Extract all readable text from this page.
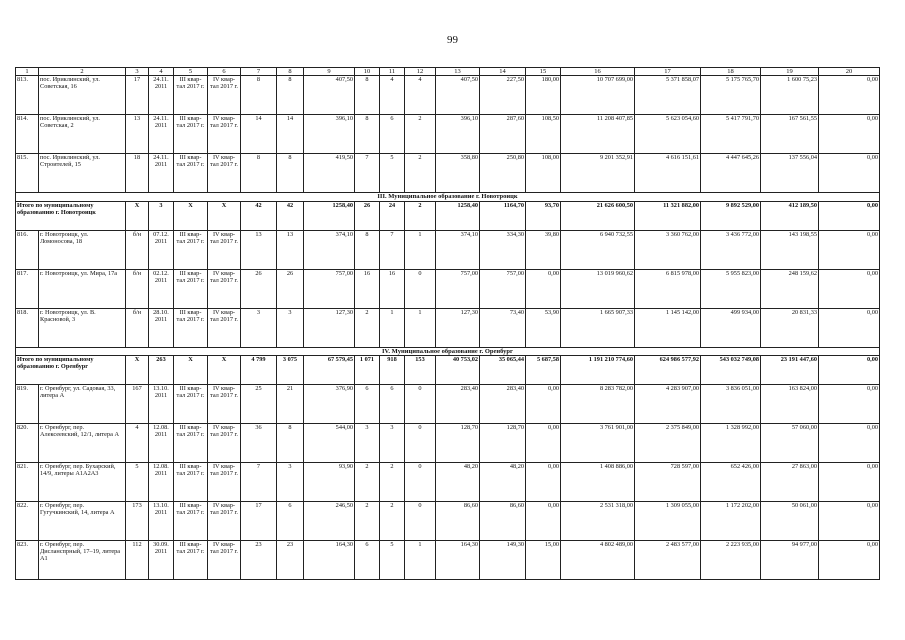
99
1	2	3	4	5	6	7	8	9	10	11	12	13	14	15	16	17	18	19	20
813.	пос. Ириклинский, ул. Советская, 16	17	24.11. 2011	III квар- тал 2017 г.	IV квар- тал 2017 г.	8	8	407,50	8	4	4	407,50	227,50	180,00	10 707 699,00	5 371 858,07	5 175 765,70	1 600 75,23	0,00
814.	пос. Ириклинский, ул. Советская, 2	13	24.11. 2011	III квар- тал 2017 г.	IV квар- тал 2017 г.	14	14	396,10	8	6	2	396,10	287,60	108,50	11 208 407,85	5 623 054,60	5 417 791,70	167 561,55	0,00
815.	пос. Ириклинский, ул. Строителей, 15	18	24.11. 2011	III квар- тал 2017 г.	IV квар- тал 2017 г.	8	8	419,50	7	5	2	358,80	250,80	108,00	9 201 352,91	4 616 151,61	4 447 645,26	137 556,04	0,00
III. Муниципальное образование г. Новотроицк																			
Итого по муниципальному образованию г. Новотроицк		X	3	X	X	42	42	1258,40	26	24	2	1258,40	1164,70	93,70	21 626 600,50	11 321 882,00	9 892 529,00	412 189,50	0,00
816.	г. Новотроицк, ул. Ломоносова, 18	б/н	07.12. 2011	III квар- тал 2017 г.	IV квар- тал 2017 г.	13	13	374,10	8	7	1	374,10	334,30	39,80	6 940 732,55	3 360 762,00	3 436 772,00	143 198,55	0,00
817.	г. Новотроицк, ул. Мира, 17а	б/н	02.12. 2011	III квар- тал 2017 г.	IV квар- тал 2017 г.	26	26	757,00	16	16	0	757,00	757,00	0,00	13 019 960,62	6 815 978,00	5 955 823,00	248 159,62	0,00
818.	г. Новотроицк, ул. В. Красновой, 3	б/н	28.10. 2011	III квар- тал 2017 г.	IV квар- тал 2017 г.	3	3	127,30	2	1	1	127,30	73,40	53,90	1 665 907,33	1 145 142,00	499 934,00	20 831,33	0,00
IV. Муниципальное образование г. Оренбург																			
Итого по муниципальному образованию г. Оренбург		X	263	X	X	4 799	3 075	67 579,45	1 071	918	153	40 753,02	35 065,44	5 687,58	1 191 210 774,60	624 986 577,92	543 032 749,08	23 191 447,60	0,00
819.	г. Оренбург, ул. Садовая, 33, литера А	167	13.10. 2011	III квар- тал 2017 г.	IV квар- тал 2017 г.	25	21	376,90	6	6	0	283,40	283,40	0,00	8 283 782,00	4 283 907,00	3 836 051,00	163 824,00	0,00
820.	г. Оренбург, пер. Алексеевский, 12/1, литера А	4	12.08. 2011	III квар- тал 2017 г.	IV квар- тал 2017 г.	36	8	544,00	3	3	0	128,70	128,70	0,00	3 761 901,00	2 375 849,00	1 328 992,00	57 060,00	0,00
821.	г. Оренбург, пер. Бухарский, 14/9, литеры А1А2А3	5	12.08. 2011	III квар- тал 2017 г.	IV квар- тал 2017 г.	7	3	93,90	2	2	0	48,20	48,20	0,00	1 408 886,00	728 597,00	652 426,00	27 863,00	0,00
822.	г. Оренбург, пер. Гугучкинский, 14, литера А	173	13.10. 2011	III квар- тал 2017 г.	IV квар- тал 2017 г.	17	6	246,50	2	2	0	86,60	86,60	0,00	2 531 318,00	1 309 055,00	1 172 202,00	50 061,00	0,00
823.	г. Оренбург, пер. Дисланспрный, 17–19, литера А1	112	30.09. 2011	III квар- тал 2017 г.	IV квар- тал 2017 г.	23	23	164,30	6	5	1	164,30	149,30	15,00	4 802 489,00	2 483 577,00	2 223 935,00	94 977,00	0,00
